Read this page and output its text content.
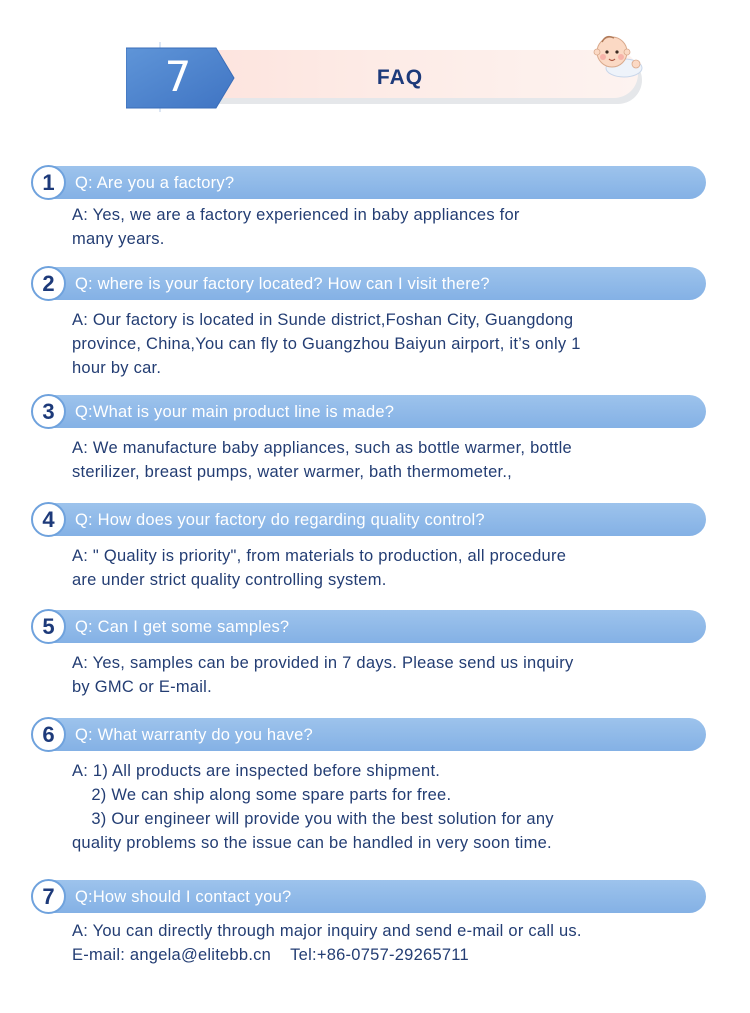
FAQ
7
1	Q: Are you a factory?
A: Yes, we are a factory experienced in baby appliances for
many years.
2	Q: where is your factory located? How can I visit there?
A: Our factory is located in Sunde district,Foshan City, Guangdong
province, China,You can fly to Guangzhou Baiyun airport, it’s only 1
hour by car.
3	Q:What is your main product line is made?
A: We manufacture baby appliances, such as bottle warmer, bottle
sterilizer, breast pumps, water warmer, bath thermometer.,
4	Q: How does your factory do regarding quality control?
A: " Quality is priority", from materials to production, all procedure
are under strict quality controlling system.
5	Q: Can I get some samples?
A: Yes, samples can be provided in 7 days. Please send us inquiry
by GMC or E-mail.
6	Q: What warranty do you have?
A: 1) All products are inspected before shipment.
2) We can ship along some spare parts for free.
3) Our engineer will provide you with the best solution for any
quality problems so the issue can be handled in very soon time.
7	Q:How should I contact you?
A: You can directly through major inquiry and send e-mail or call us.
E-mail: angela@elitebb.cn    Tel:+86-0757-29265711
